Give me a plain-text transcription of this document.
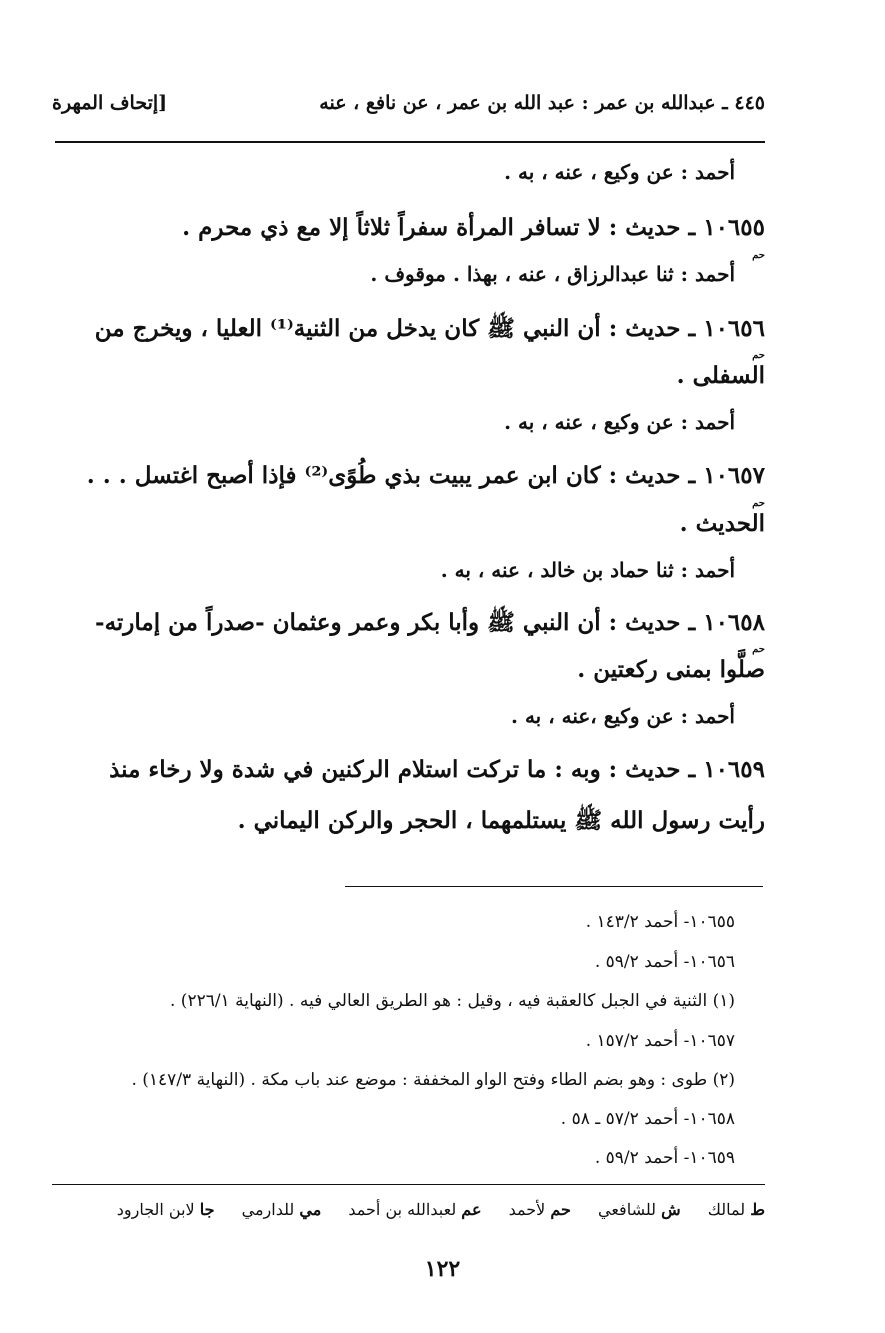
٤٤٥ ـ عبدالله بن عمر : عبد الله بن عمر ، عن نافع ، عنه
[إتحاف المهرة
أحمد : عن وكيع ، عنه ، به .
١٠٦٥٥ ـ حديث : لا تسافر المرأة سفراً ثلاثاً إلا مع ذي محرم .
حم
أحمد : ثنا عبدالرزاق ، عنه ، بهذا . موقوف .
١٠٦٥٦ ـ حديث : أن النبي ﷺ كان يدخل من الثنية⁽¹⁾ العليا ، ويخرج من
حم
السفلى .
أحمد : عن وكيع ، عنه ، به .
١٠٦٥٧ ـ حديث : كان ابن عمر يبيت بذي طُوًى⁽²⁾ فإذا أصبح اغتسل . . .
حم
الحديث .
أحمد : ثنا حماد بن خالد ، عنه ، به .
١٠٦٥٨ ـ حديث : أن النبي ﷺ وأبا بكر وعمر وعثمان -صدراً من إمارته-
حم
صلَّوا بمنى ركعتين .
أحمد : عن وكيع ،عنه ، به .
١٠٦٥٩ ـ حديث : وبه : ما تركت استلام الركنين في شدة ولا رخاء منذ
رأيت رسول الله ﷺ يستلمهما ، الحجر والركن اليماني .
١٠٦٥٥- أحمد ١٤٣/٢ .
١٠٦٥٦- أحمد ٥٩/٢ .
(١) الثنية في الجبل كالعقبة فيه ، وقيل : هو الطريق العالي فيه . (النهاية ٢٢٦/١) .
١٠٦٥٧- أحمد ١٥٧/٢ .
(٢) طوى : وهو بضم الطاء وفتح الواو المخففة : موضع عند باب مكة . (النهاية ١٤٧/٣) .
١٠٦٥٨- أحمد ٥٧/٢ ـ ٥٨ .
١٠٦٥٩- أحمد ٥٩/٢ .
ط لمالك ش للشافعي حم لأحمد عم لعبدالله بن أحمد مي للدارمي جا لابن الجارود
١٢٢
